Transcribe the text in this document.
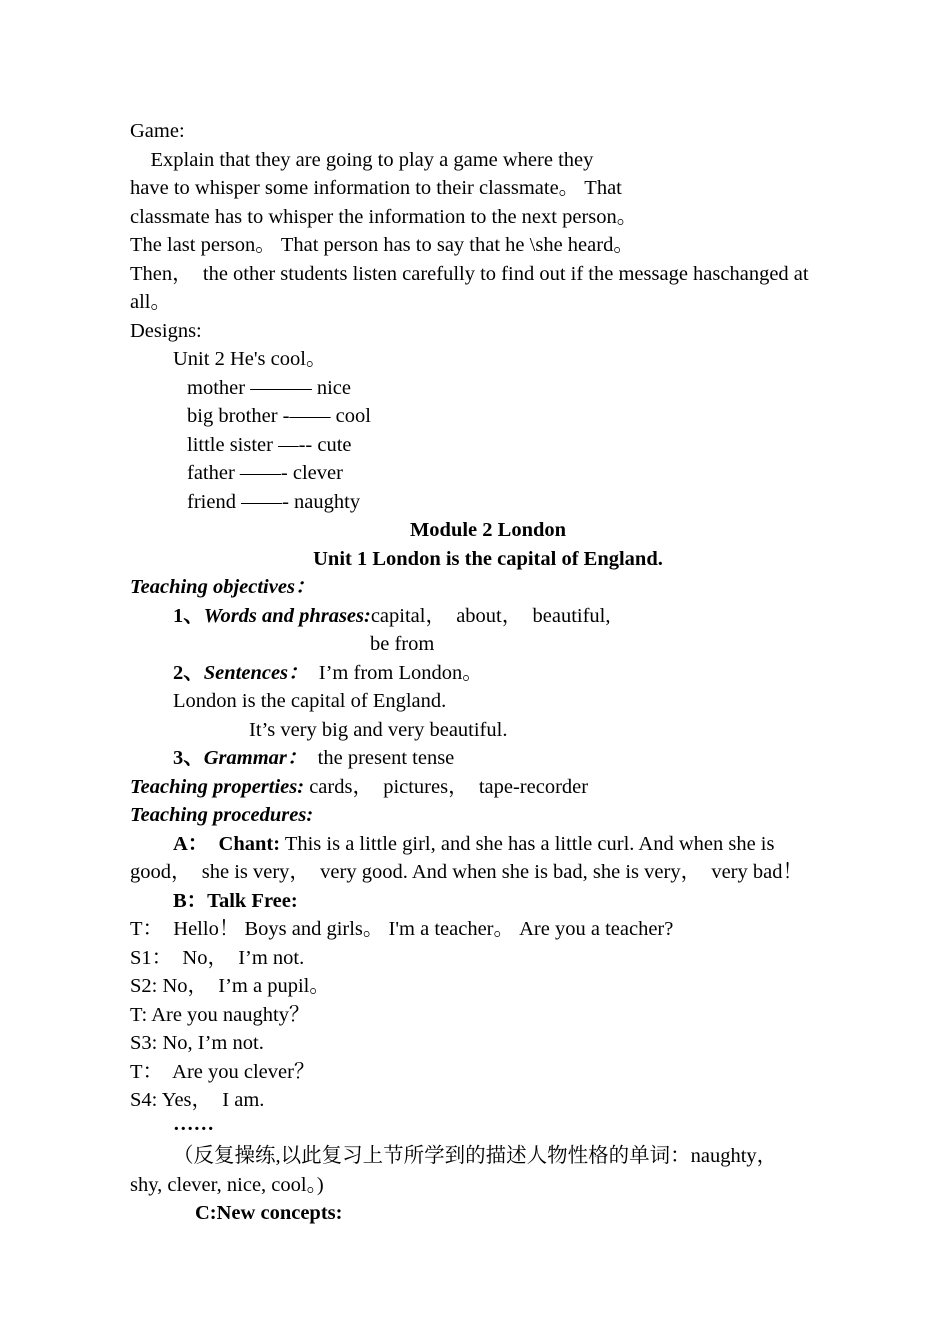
Game:
Explain that they are going to play a game where they
have to whisper some information to their classmate。 That
classmate has to whisper the information to the next person。
The last person。 That person has to say that he \she heard。
Then，  the other students listen carefully to find out if the message haschanged at
all。
Designs:
Unit 2 He's cool。
mother ——— nice
big brother -—— cool
little sister —-- cute
father ——- clever
friend ——- naughty
Module 2 London
Unit 1 London is the capital of England.
Teaching objectives：
1、Words and phrases:capital，  about，  beautiful,
be from
2、Sentences：  I’m from London。
London is the capital of England.
It’s very big and very beautiful.
3、Grammar：  the present tense
Teaching properties: cards，  pictures，  tape-recorder
Teaching procedures:
A：  Chant: This is a little girl, and she has a little curl. And when she is
good，  she is very，  very good. And when she is bad, she is very，  very bad！
B：Talk Free:
T：  Hello！ Boys and girls。 I'm a teacher。 Are you a teacher?
S1：  No，  I’m not.
S2: No，  I’m a pupil。
T: Are you naughty？
S3: No, I’m not.
T：  Are you clever？
S4: Yes，  I am.
……
（反复操练,以此复习上节所学到的描述人物性格的单词：naughty，
shy, clever, nice, cool。)
C:New concepts:
